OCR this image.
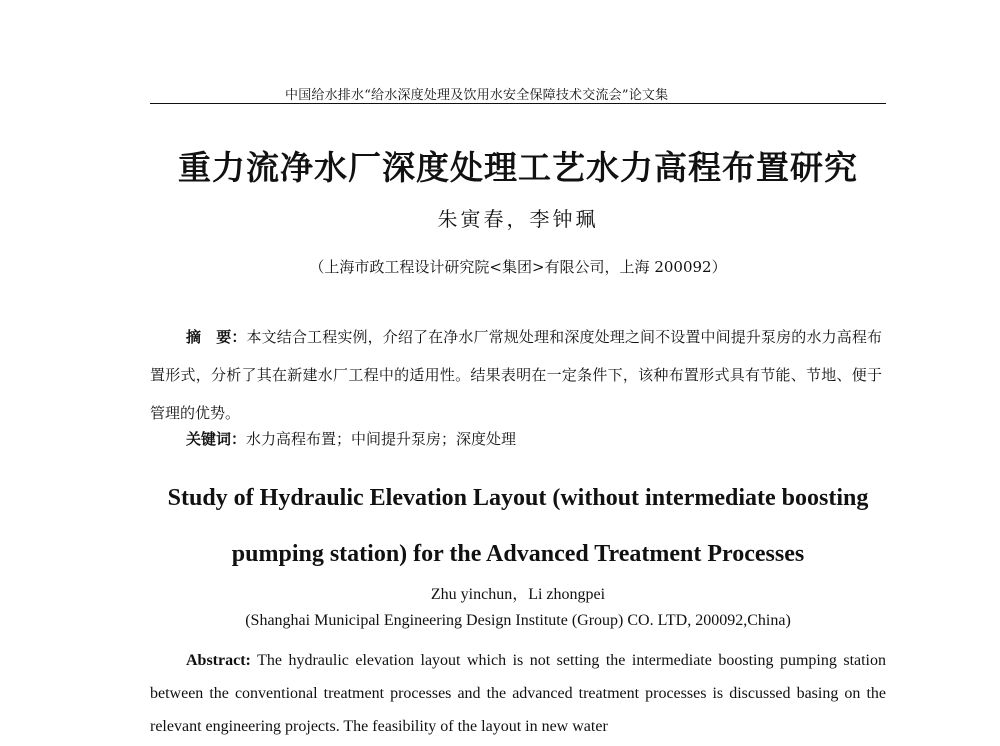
中国给水排水“给水深度处理及饮用水安全保障技术交流会”论文集
重力流净水厂深度处理工艺水力高程布置研究
朱寅春，李钟珮
（上海市政工程设计研究院<集团>有限公司，上海 200092）
摘　要：本文结合工程实例，介绍了在净水厂常规处理和深度处理之间不设置中间提升泵房的水力高程布置形式，分析了其在新建水厂工程中的适用性。结果表明在一定条件下，该种布置形式具有节能、节地、便于管理的优势。
关键词：水力高程布置；中间提升泵房；深度处理
Study of Hydraulic Elevation Layout (without intermediate boosting pumping station) for the Advanced Treatment Processes
Zhu yinchun，Li zhongpei
(Shanghai Municipal Engineering Design Institute (Group) CO. LTD, 200092,China)
Abstract: The hydraulic elevation layout which is not setting the intermediate boosting pumping station between the conventional treatment processes and the advanced treatment processes is discussed basing on the relevant engineering projects. The feasibility of the layout in new water
